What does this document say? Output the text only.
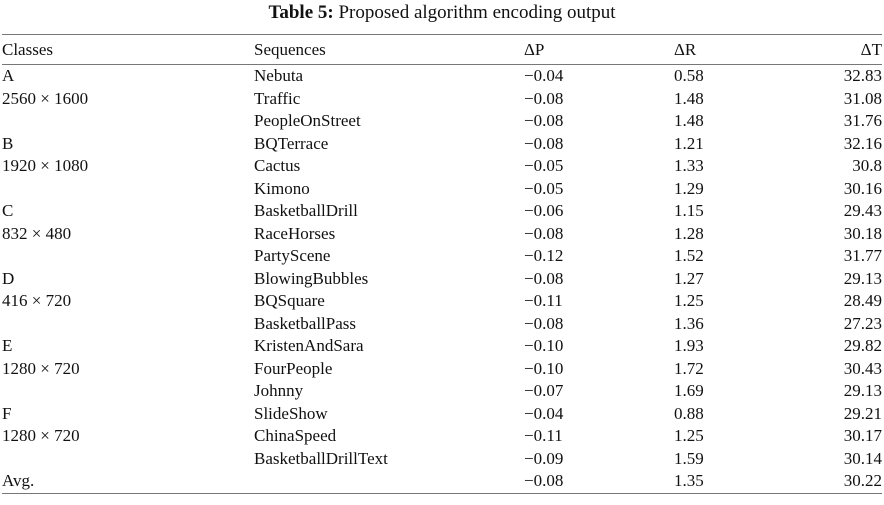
Table 5: Proposed algorithm encoding output
Classes	Sequences	ΔP	ΔR	ΔT
A	Nebuta	−0.04	0.58	32.83
2560 × 1600	Traffic	−0.08	1.48	31.08
	PeopleOnStreet	−0.08	1.48	31.76
B	BQTerrace	−0.08	1.21	32.16
1920 × 1080	Cactus	−0.05	1.33	30.8
	Kimono	−0.05	1.29	30.16
C	BasketballDrill	−0.06	1.15	29.43
832 × 480	RaceHorses	−0.08	1.28	30.18
	PartyScene	−0.12	1.52	31.77
D	BlowingBubbles	−0.08	1.27	29.13
416 × 720	BQSquare	−0.11	1.25	28.49
	BasketballPass	−0.08	1.36	27.23
E	KristenAndSara	−0.10	1.93	29.82
1280 × 720	FourPeople	−0.10	1.72	30.43
	Johnny	−0.07	1.69	29.13
F	SlideShow	−0.04	0.88	29.21
1280 × 720	ChinaSpeed	−0.11	1.25	30.17
	BasketballDrillText	−0.09	1.59	30.14
Avg.		−0.08	1.35	30.22
